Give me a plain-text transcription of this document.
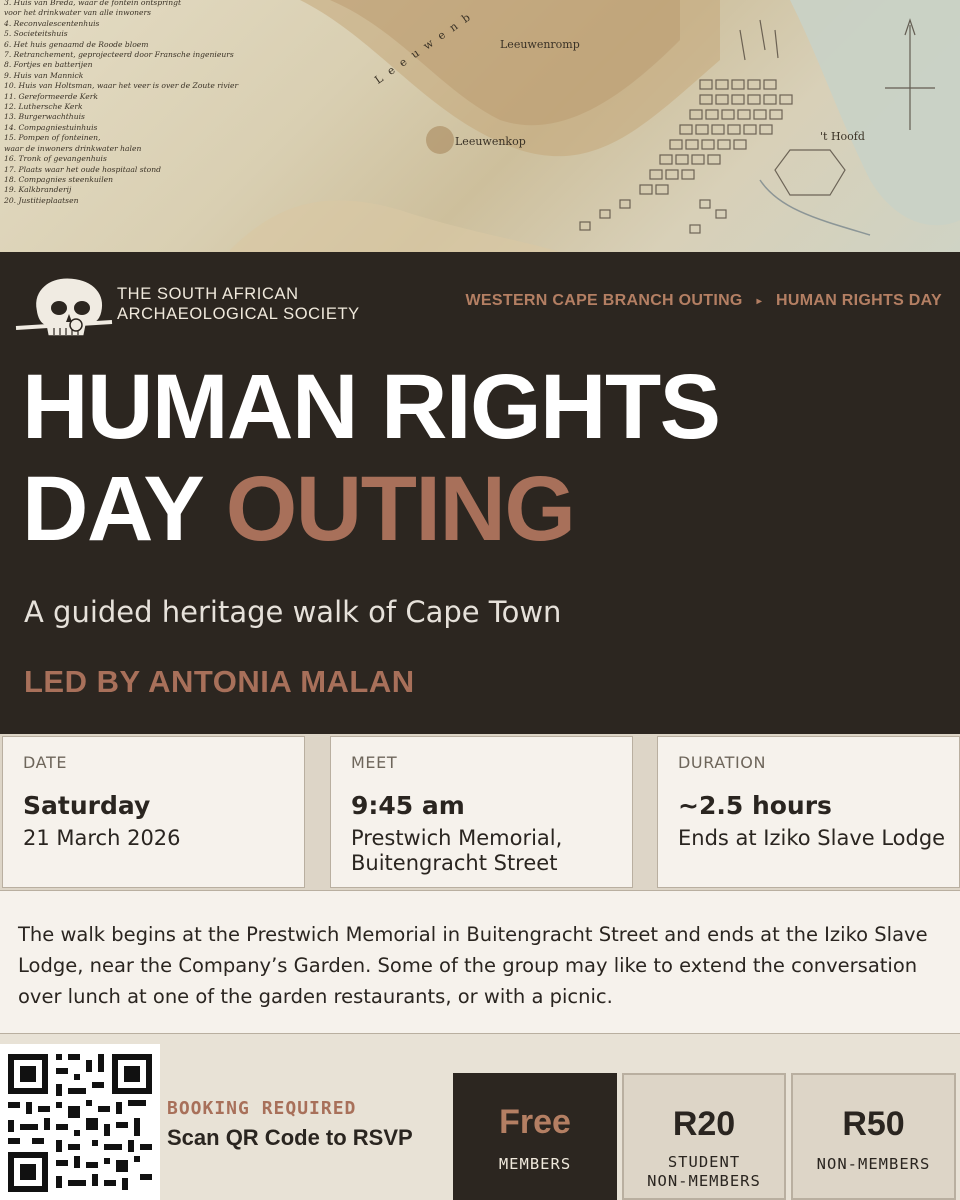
3. Huis van Breda, waar de fontein ontspringt
voor het drinkwater van alle inwoners
4. Reconvalescentenhuis
5. Societeitshuis
6. Het huis genaamd de Roode bloem
7. Retranchement, geprojecteerd door Fransche ingenieurs
8. Fortjes en batterijen
9. Huis van Mannick
10. Huis van Holtsman, waar het veer is over de Zoute rivier
11. Gereformeerde Kerk
12. Luthersche Kerk
13. Burgerwachthuis
14. Compagniestuinhuis
15. Pompen of fonteinen,
waar de inwoners drinkwater halen
16. Tronk of gevangenhuis
17. Plaats waar het oude hospitaal stond
18. Compagnies steenkuilen
19. Kalkbranderij
20. Justitieplaatsen
Leeuwenromp
Leeuwenkop	't Hoofd
Leeuwenb
THE SOUTH AFRICAN
ARCHAEOLOGICAL SOCIETY
WESTERN CAPE BRANCH OUTING ▸ HUMAN RIGHTS DAY
HUMAN RIGHTS
DAY OUTING
A guided heritage walk of Cape Town
LED BY ANTONIA MALAN
DATE
Saturday
21 March 2026
MEET
9:45 am
Prestwich Memorial,
Buitengracht Street
DURATION
~2.5 hours
Ends at Iziko Slave Lodge

The walk begins at the Prestwich Memorial in Buitengracht Street and ends at the Iziko Slave Lodge, near the Company’s Garden. Some of the group may like to extend the conversation over lunch at one of the garden restaurants, or with a picnic.

BOOKING REQUIRED
Scan QR Code to RSVP	Free
MEMBERS
R20
STUDENT
NON-MEMBERS
R50
NON-MEMBERS
